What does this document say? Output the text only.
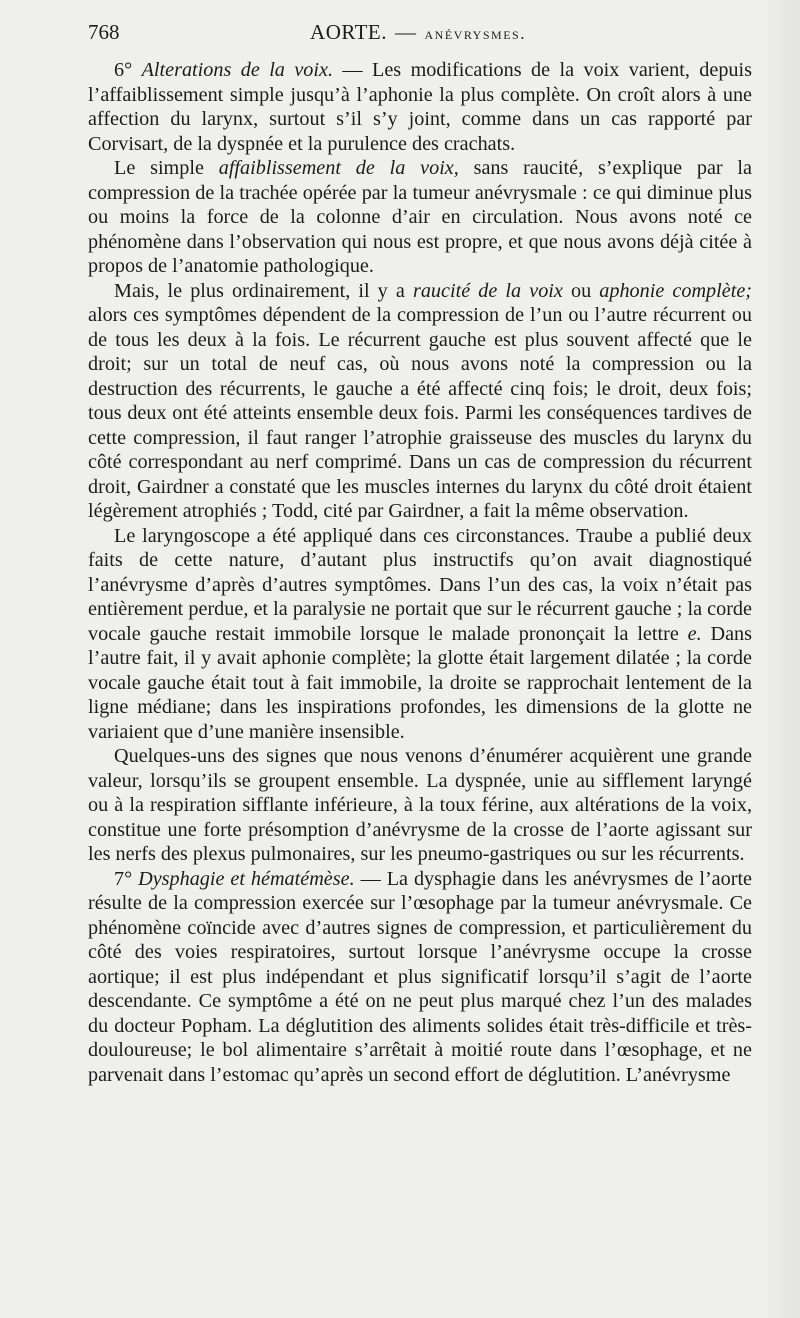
768	AORTE. — anévrysmes.

6° Alterations de la voix. — Les modifications de la voix varient, depuis l’affaiblissement simple jusqu’à l’aphonie la plus complète. On croît alors à une affection du larynx, surtout s’il s’y joint, comme dans un cas rapporté par Corvisart, de la dyspnée et la purulence des crachats.

Le simple affaiblissement de la voix, sans raucité, s’explique par la compression de la trachée opérée par la tumeur anévrysmale : ce qui diminue plus ou moins la force de la colonne d’air en circulation. Nous avons noté ce phénomène dans l’observation qui nous est propre, et que nous avons déjà citée à propos de l’anatomie pathologique.

Mais, le plus ordinairement, il y a raucité de la voix ou aphonie complète; alors ces symptômes dépendent de la compression de l’un ou l’autre récurrent ou de tous les deux à la fois. Le récurrent gauche est plus souvent affecté que le droit; sur un total de neuf cas, où nous avons noté la compression ou la destruction des récurrents, le gauche a été affecté cinq fois; le droit, deux fois; tous deux ont été atteints ensemble deux fois. Parmi les conséquences tardives de cette compression, il faut ranger l’atrophie graisseuse des muscles du larynx du côté correspondant au nerf comprimé. Dans un cas de compression du récurrent droit, Gairdner a constaté que les muscles internes du larynx du côté droit étaient légèrement atrophiés ; Todd, cité par Gairdner, a fait la même observation.

Le laryngoscope a été appliqué dans ces circonstances. Traube a publié deux faits de cette nature, d’autant plus instructifs qu’on avait diagnostiqué l’anévrysme d’après d’autres symptômes. Dans l’un des cas, la voix n’était pas entièrement perdue, et la paralysie ne portait que sur le récurrent gauche ; la corde vocale gauche restait immobile lorsque le malade prononçait la lettre e. Dans l’autre fait, il y avait aphonie complète; la glotte était largement dilatée ; la corde vocale gauche était tout à fait immobile, la droite se rapprochait lentement de la ligne médiane; dans les inspirations profondes, les dimensions de la glotte ne variaient que d’une manière insensible.

Quelques-uns des signes que nous venons d’énumérer acquièrent une grande valeur, lorsqu’ils se groupent ensemble. La dyspnée, unie au sifflement laryngé ou à la respiration sifflante inférieure, à la toux férine, aux altérations de la voix, constitue une forte présomption d’anévrysme de la crosse de l’aorte agissant sur les nerfs des plexus pulmonaires, sur les pneumo-gastriques ou sur les récurrents.

7° Dysphagie et hématémèse. — La dysphagie dans les anévrysmes de l’aorte résulte de la compression exercée sur l’œsophage par la tumeur anévrysmale. Ce phénomène coïncide avec d’autres signes de compression, et particulièrement du côté des voies respiratoires, surtout lorsque l’anévrysme occupe la crosse aortique; il est plus indépendant et plus significatif lorsqu’il s’agit de l’aorte descendante. Ce symptôme a été on ne peut plus marqué chez l’un des malades du docteur Popham. La déglutition des aliments solides était très-difficile et très-douloureuse; le bol alimentaire s’arrêtait à moitié route dans l’œsophage, et ne parvenait dans l’estomac qu’après un second effort de déglutition. L’anévrysme
